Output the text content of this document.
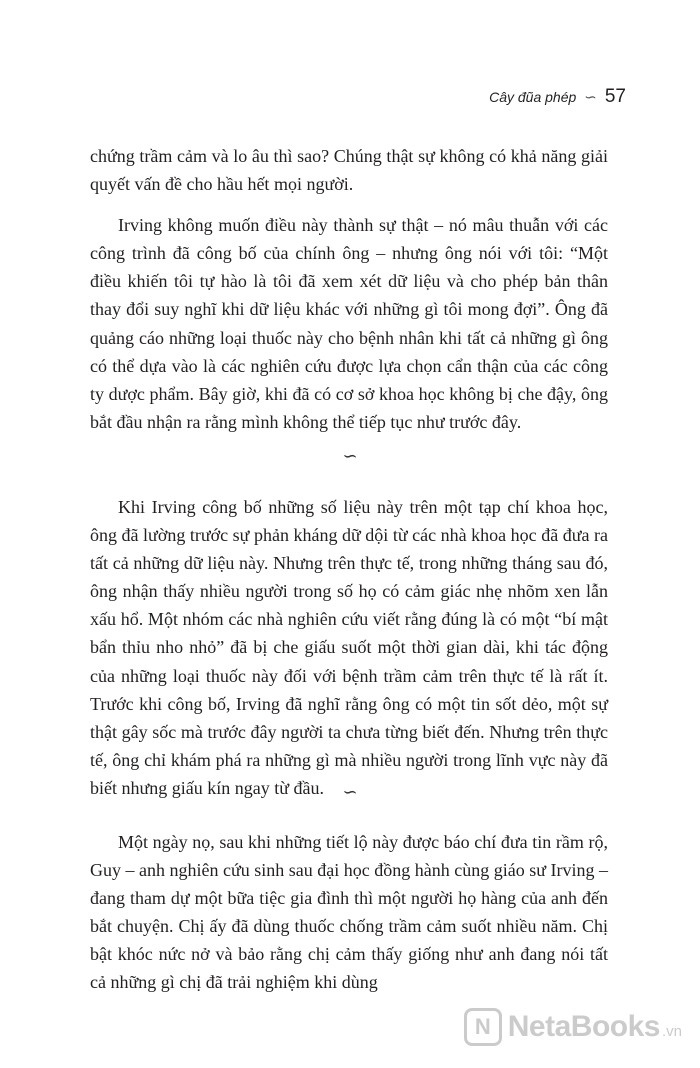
Cây đũa phép ∽ 57

chứng trầm cảm và lo âu thì sao? Chúng thật sự không có khả năng giải quyết vấn đề cho hầu hết mọi người.

Irving không muốn điều này thành sự thật – nó mâu thuẫn với các công trình đã công bố của chính ông – nhưng ông nói với tôi: “Một điều khiến tôi tự hào là tôi đã xem xét dữ liệu và cho phép bản thân thay đổi suy nghĩ khi dữ liệu khác với những gì tôi mong đợi”. Ông đã quảng cáo những loại thuốc này cho bệnh nhân khi tất cả những gì ông có thể dựa vào là các nghiên cứu được lựa chọn cẩn thận của các công ty dược phẩm. Bây giờ, khi đã có cơ sở khoa học không bị che đậy, ông bắt đầu nhận ra rằng mình không thể tiếp tục như trước đây.

∽

Khi Irving công bố những số liệu này trên một tạp chí khoa học, ông đã lường trước sự phản kháng dữ dội từ các nhà khoa học đã đưa ra tất cả những dữ liệu này. Nhưng trên thực tế, trong những tháng sau đó, ông nhận thấy nhiều người trong số họ có cảm giác nhẹ nhõm xen lẫn xấu hổ. Một nhóm các nhà nghiên cứu viết rằng đúng là có một “bí mật bẩn thỉu nho nhỏ” đã bị che giấu suốt một thời gian dài, khi tác động của những loại thuốc này đối với bệnh trầm cảm trên thực tế là rất ít. Trước khi công bố, Irving đã nghĩ rằng ông có một tin sốt dẻo, một sự thật gây sốc mà trước đây người ta chưa từng biết đến. Nhưng trên thực tế, ông chỉ khám phá ra những gì mà nhiều người trong lĩnh vực này đã biết nhưng giấu kín ngay từ đầu.	∽

Một ngày nọ, sau khi những tiết lộ này được báo chí đưa tin rầm rộ, Guy – anh nghiên cứu sinh sau đại học đồng hành cùng giáo sư Irving – đang tham dự một bữa tiệc gia đình thì một người họ hàng của anh đến bắt chuyện. Chị ấy đã dùng thuốc chống trầm cảm suốt nhiều năm. Chị bật khóc nức nở và bảo rằng chị cảm thấy giống như anh đang nói tất cả những gì chị đã trải nghiệm khi dùng

N NetaBooks .vn
